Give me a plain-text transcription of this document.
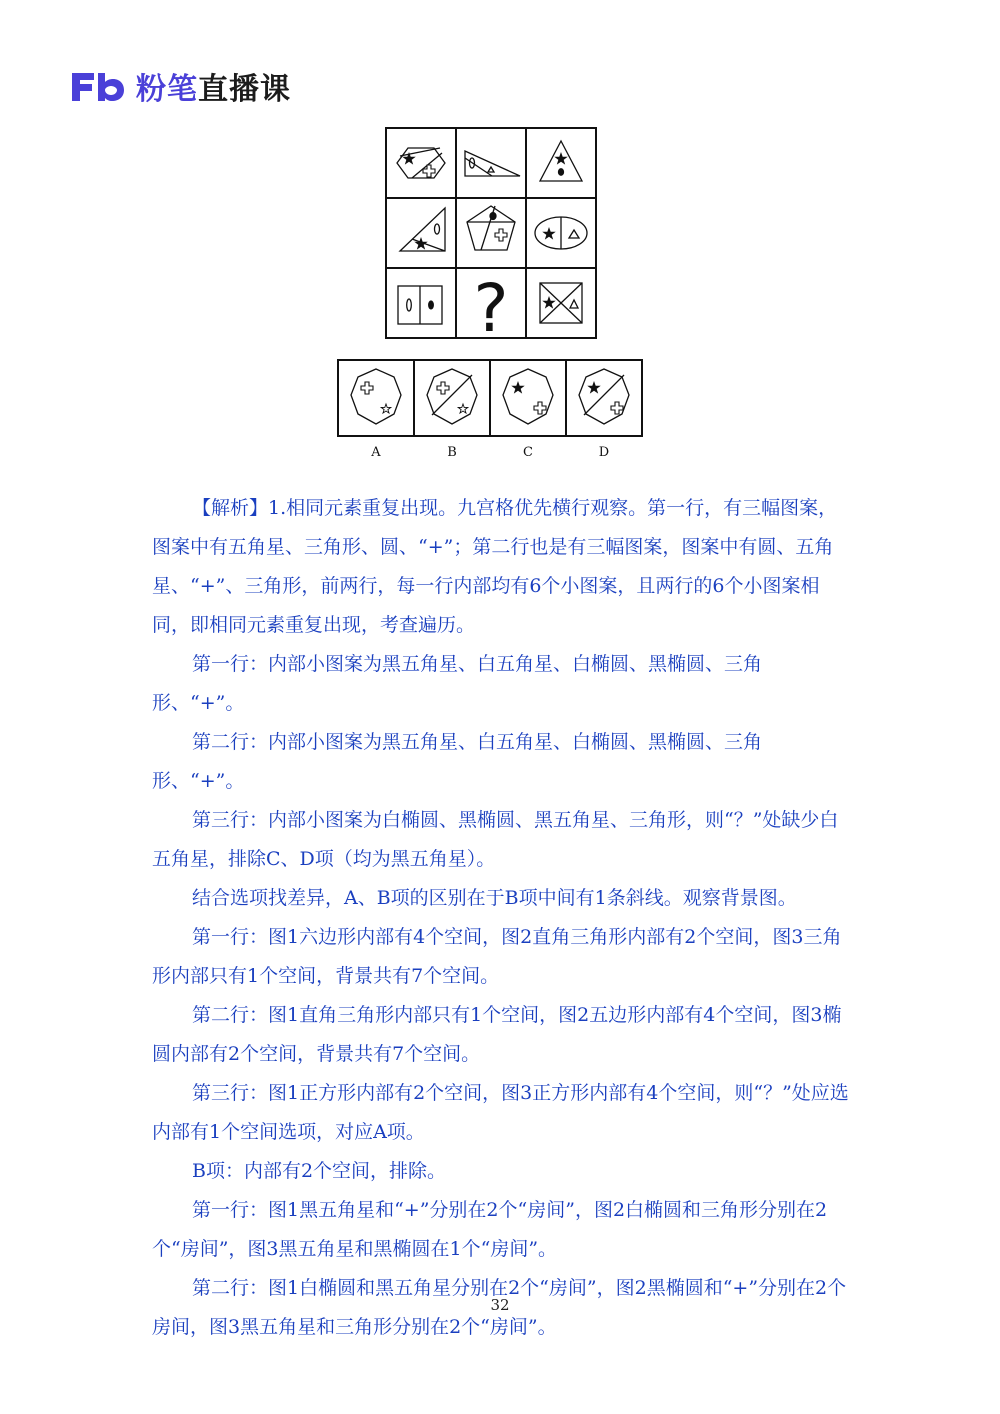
粉笔直播课
?
A	B	C	D

【解析】1.相同元素重复出现。九宫格优先横行观察。第一行，有三幅图案，图案中有五角星、三角形、圆、“+”；第二行也是有三幅图案，图案中有圆、五角星、“+”、三角形，前两行，每一行内部均有6个小图案，且两行的6个小图案相同，即相同元素重复出现，考查遍历。

第一行：内部小图案为黑五角星、白五角星、白椭圆、黑椭圆、三角形、“+”。

第二行：内部小图案为黑五角星、白五角星、白椭圆、黑椭圆、三角形、“+”。

第三行：内部小图案为白椭圆、黑椭圆、黑五角星、三角形，则“？”处缺少白五角星，排除C、D项（均为黑五角星）。

结合选项找差异，A、B项的区别在于B项中间有1条斜线。观察背景图。

第一行：图1六边形内部有4个空间，图2直角三角形内部有2个空间，图3三角形内部只有1个空间，背景共有7个空间。

第二行：图1直角三角形内部只有1个空间，图2五边形内部有4个空间，图3椭圆内部有2个空间，背景共有7个空间。

第三行：图1正方形内部有2个空间，图3正方形内部有4个空间，则“？”处应选内部有1个空间选项，对应A项。

B项：内部有2个空间，排除。

第一行：图1黑五角星和“+”分别在2个“房间”，图2白椭圆和三角形分别在2个“房间”，图3黑五角星和黑椭圆在1个“房间”。

第二行：图1白椭圆和黑五角星分别在2个“房间”，图2黑椭圆和“+”分别在2个房间，图3黑五角星和三角形分别在2个“房间”。

32
